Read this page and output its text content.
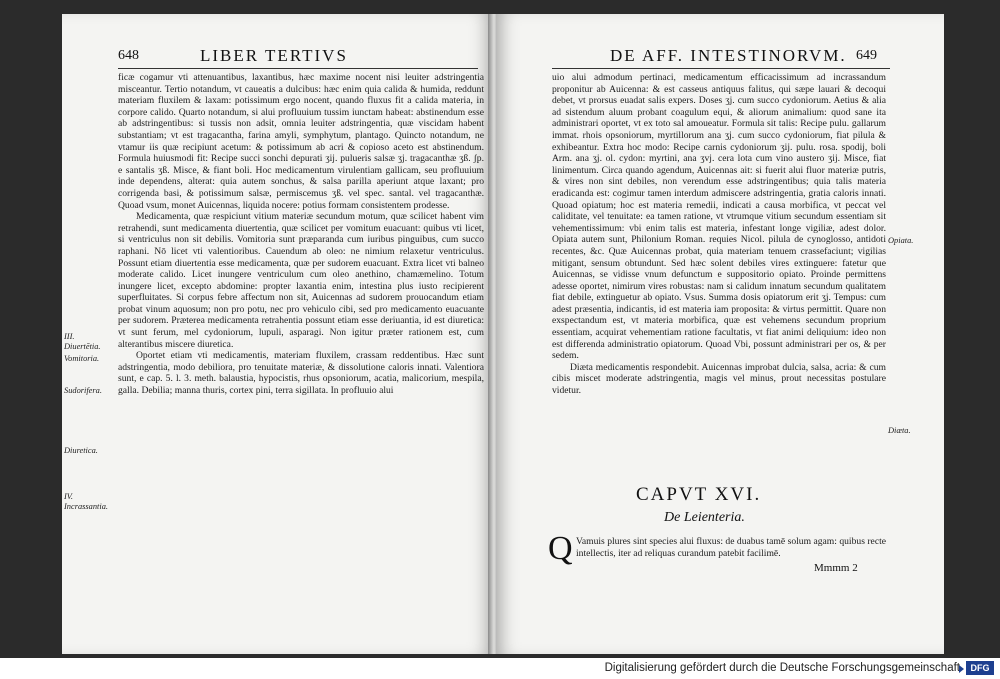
648	LIBER TERTIVS

ficæ cogamur vti attenuantibus, laxantibus, hæc maxime nocent nisi leuiter adstringentia misceantur. Tertio notandum, vt caueatis a dulcibus: hæc enim quia calida & humida, reddunt materiam fluxilem & laxam: potissimum ergo nocent, quando fluxus fit a calida materia, in corpore calido. Quarto notandum, si alui profluuium tussim iunctam habeat: abstinendum esse ab adstringentibus: si tussis non adsit, omnia leuiter adstringentia, quæ viscidam habent substantiam; vt est tragacantha, farina amyli, symphytum, plantago. Quinctο notandum, ne vtamur iis quæ recipiunt acetum: & potissimum ab acri & copioso aceto est abstinendum. Formula huiusmodi fit: Recipe succi sonchi depurati ʒij. pulueris salsæ ʒj. tragacanthæ ʒß. ʃp. e santalis ʒß. Misce, & fiant boli. Hoc medicamentum virulentiam gallicam, seu profluuium inde dependens, alterat: quia autem sonchus, & salsa parilla aperiunt atque laxant; pro corrigenda basi, & potissimum salsæ, permiscemus ʒß. vel spec. santal. vel tragacanthæ. Quoad vsum, monet Auicennas, liquida nocere: potius formam consistentem prodesse.

Medicamenta, quæ respiciunt vitium materiæ secundum motum, quæ scilicet habent vim retrahendi, sunt medicamenta diuertentia, quæ scilicet per vomitum euacuant: quibus vti licet, si ventriculus non sit debilis. Vomitoria sunt præparanda cum iuribus pinguibus, cum succo raphani. Nō licet vti valentioribus. Cauendum ab oleo: ne nimium relaxetur ventriculus. Possunt etiam diuertentia esse medicamenta, quæ per sudorem euacuant. Extra licet vti balneo moderate calido. Licet inungere ventriculum cum oleo anethino, chamæmelino. Totum inungere licet, excepto abdomine: propter laxantia enim, intestina plus iusto recipierent superfluitates. Si corpus febre affectum non sit, Auicennas ad sudorem prouocandum etiam probat vinum aquosum; non pro potu, nec pro vehiculo cibi, sed pro medicamento euacuante per sudorem. Præterea medicamenta retrahentia possunt etiam esse deriuantia, id est diuretica: vt sunt ferum, mel cydoniorum, lupuli, asparagi. Non igitur præter rationem est, cum alterantibus miscere diuretica.

Oportet etiam vti medicamentis, materiam fluxilem, crassam reddentibus. Hæc sunt adstringentia, modo debiliora, pro tenuitate materiæ, & dissolutione caloris innati. Valentiora sunt, e cap. 5. l. 3. meth. balaustia, hypocistis, rhus opsoniorum, acatia, malicorium, mespila, galla. Debilia; manna thuris, cortex pini, terra sigillata. In profluuio alui

III.
Diuertētia.
Vomitoria.
Sudorifera.
Diuretica.
IV.
Incrassantia.
DE AFF. INTESTINORVM. 649

uio alui admodum pertinaci, medicamentum efficacissimum ad incrassandum proponitur ab Auicenna: & est casseus antiquus falitus, qui sæpe lauari & decoqui debet, vt prorsus euadat salis expers. Doses ʒj. cum succo cydoniorum. Aetius & alia ad sistendum aluum probant coagulum equi, & aliorum animalium: quod sane ita administrari oportet, vt ex toto sal amoueatur. Formula sit talis: Recipe pulu. gallarum immat. rhois opsoniorum, myrtillorum ana ʒj. cum succo cydoniorum, fiat pilula & exhibeantur. Extra hoc modo: Recipe carnis cydoniorum ʒij. pulu. rosa. spodij, boli Arm. ana ʒj. ol. cydon: myrtini, ana ʒvj. cera lota cum vino austero ʒij. Misce, fiat linimentum. Circa quando agendum, Auicennas ait: si fuerit alui fluor materiæ putris, & vires non sint debiles, non verendum esse adstringentibus; quia talis materia eradicanda est: cogimur tamen interdum admiscere adstringentia, gratia caloris innati. Quoad opiatum; hoc est materia remedii, indicati a causa morbifica, vt peccat vel caliditate, vel tenuitate: ea tamen ratione, vt vtrumque vitium secundum essentiam sit vehementissimum: vbi enim talis est materia, infestant longe vigiliæ, adest dolor. Opiata autem sunt, Philonium Roman. requies Nicol. pilula de cynoglosso, antidoti recentes, &c. Quæ Auicennas probat, quia materiam tenuem crassefaciunt; vigilias mitigant, sensum obtundunt. Sed hæc solent debiles vires extinguere: fatetur que Auicennas, se vidisse vnum defunctum e suppositorio opiato. Proinde permittens adesse oportet, nimirum vires robustas: nam si calidum innatum secundum qualitatem fiat debile, extinguetur ab opiato. Vsus. Summa dosis opiatorum erit ʒj. Tempus: cum adest præsentia, indicantis, id est materia iam proposita: & virtus permittit. Quare non exspectandum est, vt materia morbifica, quæ est vehemens secundum proprium essentiam, acquirat vehementiam ratione facultatis, vt fiat animi deliquium: ideo non est differenda administratio opiatorum. Quoad Vbi, possunt administrari per os, & per sedem.

Diæta medicamentis respondebit. Auicennas improbat dulcia, salsa, acria: & cum cibis miscet moderate adstringentia, magis vel minus, prout necessitas postulare videtur.

Opiata.
Diæta.
CAPVT XVI.
De Leienteria.
Q Vamuis plures sint species alui fluxus: de duabus tamē solum agam: quibus recte intellectis, iter ad reliquas curandum patebit facilimē.
Mmmm 2
Digitalisierung gefördert durch die Deutsche Forschungsgemeinschaft	DFG
